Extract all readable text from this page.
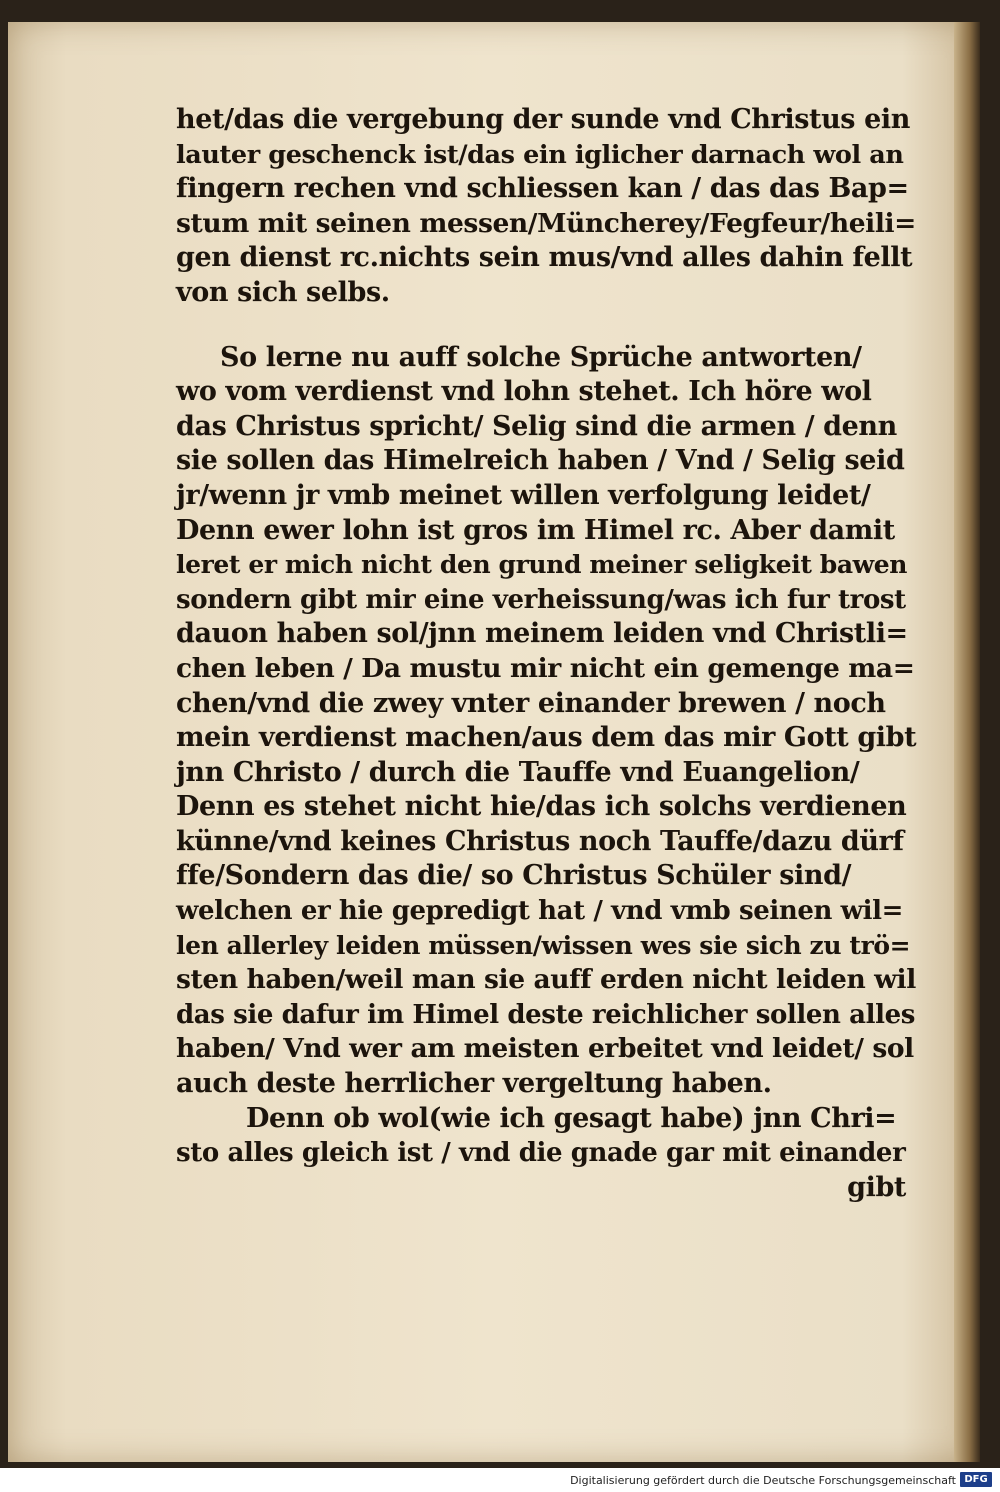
het/das die vergebung der sunde vnd Christus ein
lauter geschenck ist/das ein iglicher darnach wol an
fingern rechen vnd schliessen kan / das das Bap=
stum mit seinen messen/Müncherey/Fegfeur/heili=
gen dienst rc.nichts sein mus/vnd alles dahin fellt
von sich selbs.
So lerne nu auff solche Sprüche antworten/
wo vom verdienst vnd lohn stehet. Ich höre wol
das Christus spricht/ Selig sind die armen / denn
sie sollen das Himelreich haben / Vnd / Selig seid
jr/wenn jr vmb meinet willen verfolgung leidet/
Denn ewer lohn ist gros im Himel rc. Aber damit
leret er mich nicht den grund meiner seligkeit bawen
sondern gibt mir eine verheissung/was ich fur trost
dauon haben sol/jnn meinem leiden vnd Christli=
chen leben / Da mustu mir nicht ein gemenge ma=
chen/vnd die zwey vnter einander brewen / noch
mein verdienst machen/aus dem das mir Gott gibt
jnn Christo / durch die Tauffe vnd Euangelion/
Denn es stehet nicht hie/das ich solchs verdienen
künne/vnd keines Christus noch Tauffe/dazu dürf
ffe/Sondern das die/ so Christus Schüler sind/
welchen er hie gepredigt hat / vnd vmb seinen wil=
len allerley leiden müssen/wissen wes sie sich zu trö=
sten haben/weil man sie auff erden nicht leiden wil
das sie dafur im Himel deste reichlicher sollen alles
haben/ Vnd wer am meisten erbeitet vnd leidet/ sol
auch deste herrlicher vergeltung haben.
Denn ob wol(wie ich gesagt habe) jnn Chri=
sto alles gleich ist / vnd die gnade gar mit einander
gibt
Digitalisierung gefördert durch die Deutsche Forschungsgemeinschaft DFG
